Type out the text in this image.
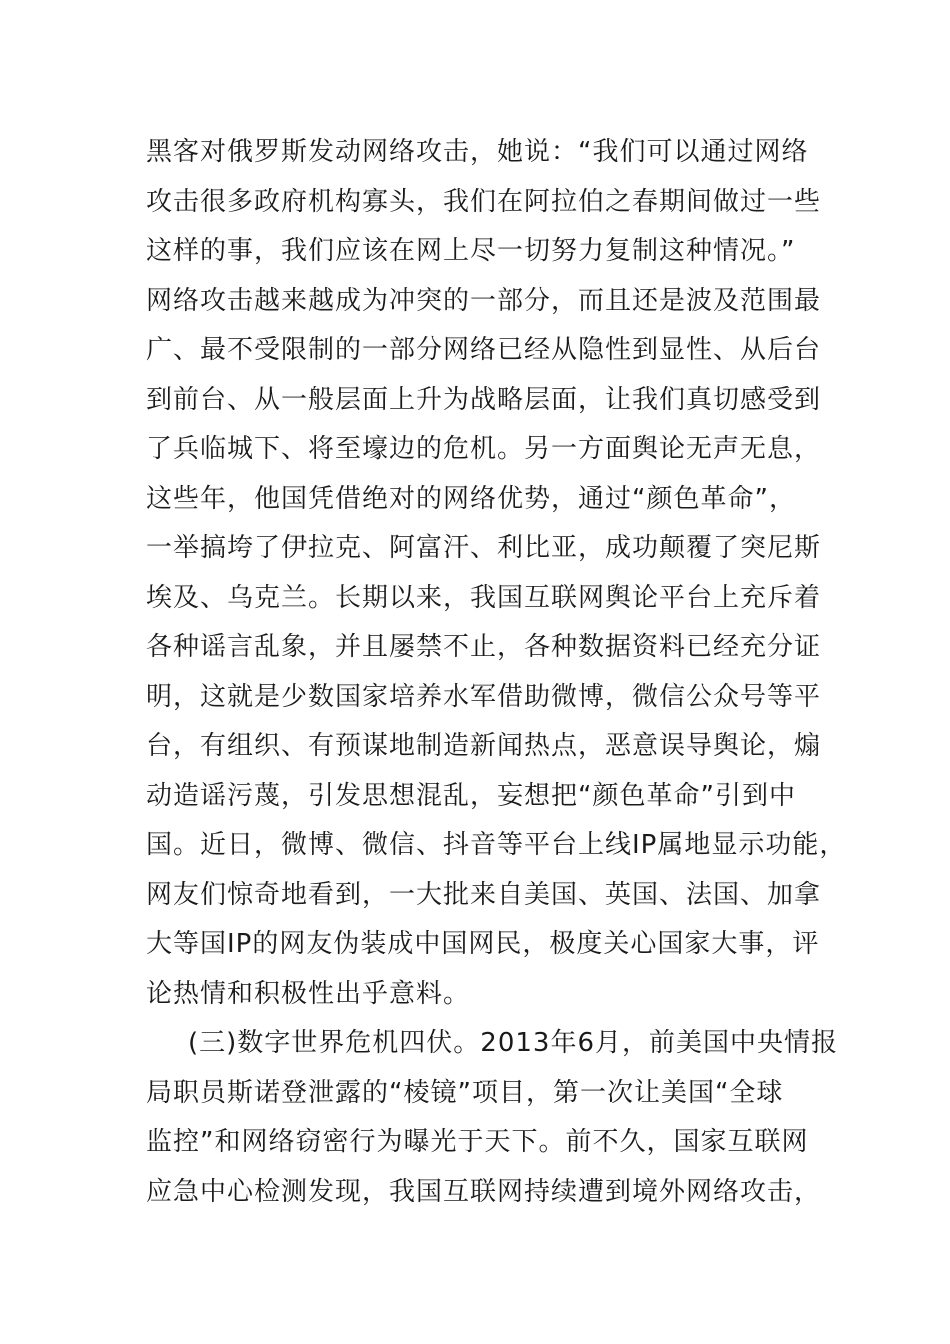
黑客对俄罗斯发动网络攻击，她说：“我们可以通过网络
攻击很多政府机构寡头，我们在阿拉伯之春期间做过一些
这样的事，我们应该在网上尽一切努力复制这种情况。”
网络攻击越来越成为冲突的一部分，而且还是波及范围最
广、最不受限制的一部分网络已经从隐性到显性、从后台
到前台、从一般层面上升为战略层面，让我们真切感受到
了兵临城下、将至壕边的危机。另一方面舆论无声无息，
这些年，他国凭借绝对的网络优势，通过“颜色革命”，
一举搞垮了伊拉克、阿富汗、利比亚，成功颠覆了突尼斯
埃及、乌克兰。长期以来，我国互联网舆论平台上充斥着
各种谣言乱象，并且屡禁不止，各种数据资料已经充分证
明，这就是少数国家培养水军借助微博，微信公众号等平
台，有组织、有预谋地制造新闻热点，恶意误导舆论，煽
动造谣污蔑，引发思想混乱，妄想把“颜色革命”引到中
国。近日，微博、微信、抖音等平台上线IP属地显示功能，
网友们惊奇地看到，一大批来自美国、英国、法国、加拿
大等国IP的网友伪装成中国网民，极度关心国家大事，评
论热情和积极性出乎意料。
(三)数字世界危机四伏。2013年6月，前美国中央情报
局职员斯诺登泄露的“棱镜”项目，第一次让美国“全球
监控”和网络窃密行为曝光于天下。前不久，国家互联网
应急中心检测发现，我国互联网持续遭到境外网络攻击，
